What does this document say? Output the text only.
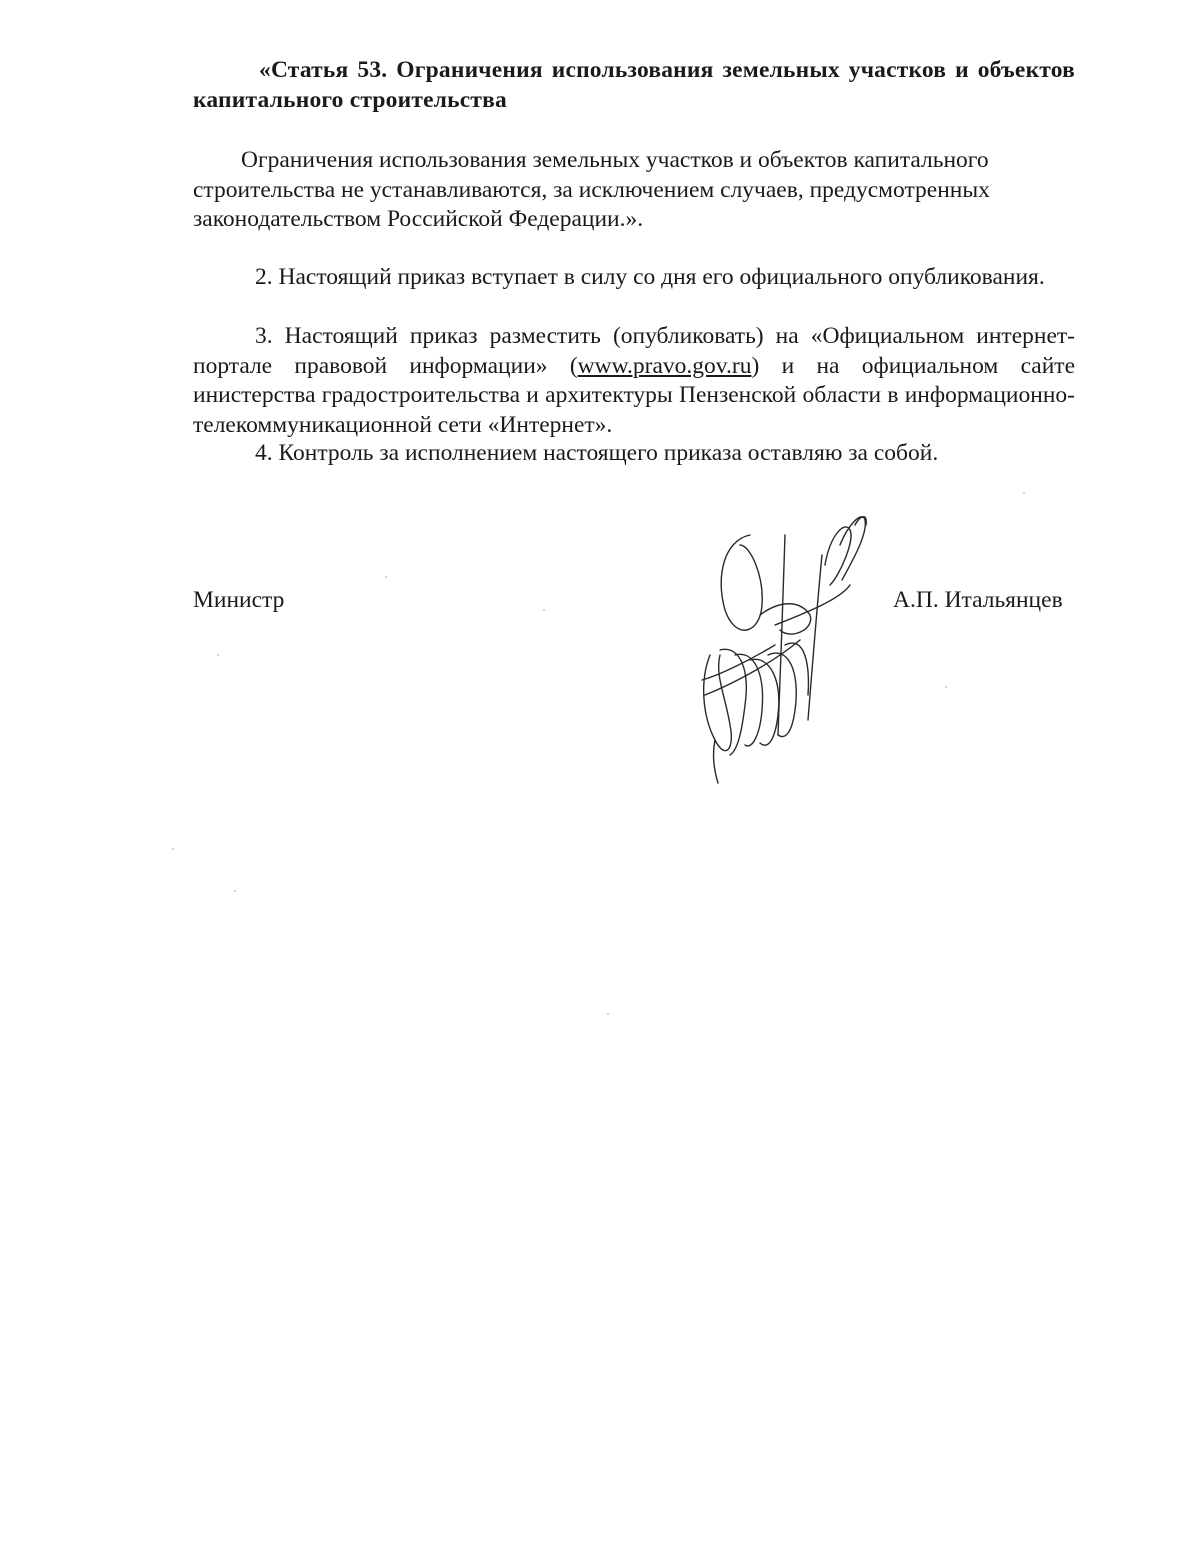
«Статья 53. Ограничения использования земельных участков и объектов капитального строительства
Ограничения использования земельных участков и объектов капитального строительства не устанавливаются, за исключением случаев, предусмотренных законодательством Российской Федерации.».
2. Настоящий приказ вступает в силу со дня его официального опубликования.
3. Настоящий приказ разместить (опубликовать) на «Официальном интернет-портале правовой информации» (www.pravo.gov.ru) и на официальном сайте инистерства градостроительства и архитектуры Пензенской области в информационно-телекоммуникационной сети «Интернет».
4. Контроль за исполнением настоящего приказа оставляю за собой.
Министр	А.П. Итальянцев
